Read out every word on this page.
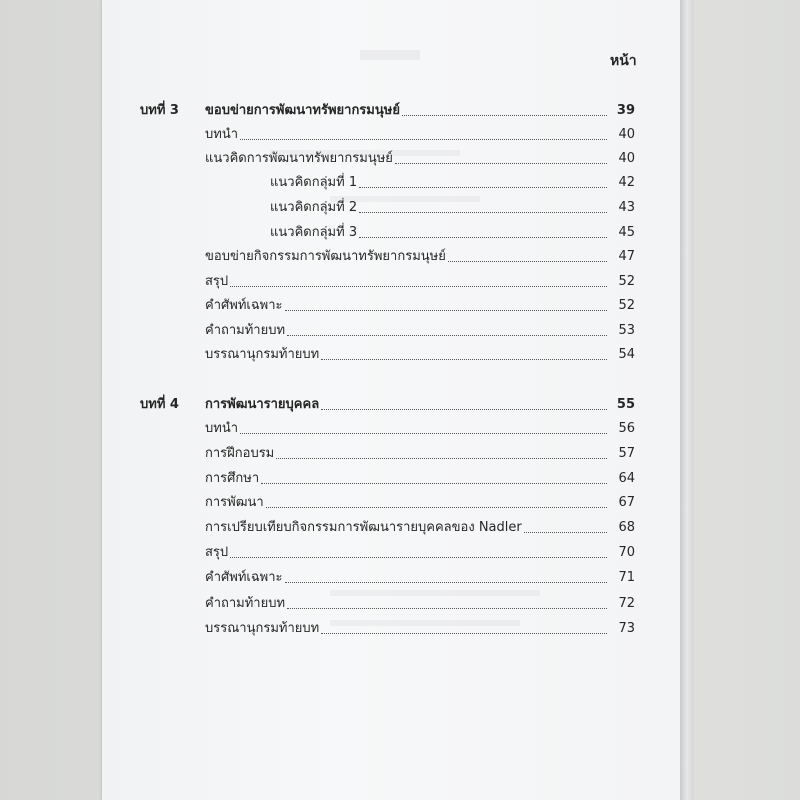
หน้า
บทที่ 3	ขอบข่ายการพัฒนาทรัพยากรมนุษย์	39
บทนำ	40
แนวคิดการพัฒนาทรัพยากรมนุษย์	40
แนวคิดกลุ่มที่ 1	42
แนวคิดกลุ่มที่ 2	43
แนวคิดกลุ่มที่ 3	45
ขอบข่ายกิจกรรมการพัฒนาทรัพยากรมนุษย์	47
สรุป	52
คำศัพท์เฉพาะ	52
คำถามท้ายบท	53
บรรณานุกรมท้ายบท	54
บทที่ 4	การพัฒนารายบุคคล	55
บทนำ	56
การฝึกอบรม	57
การศึกษา	64
การพัฒนา	67
การเปรียบเทียบกิจกรรมการพัฒนารายบุคคลของ Nadler	68
สรุป	70
คำศัพท์เฉพาะ	71
คำถามท้ายบท	72
บรรณานุกรมท้ายบท	73
